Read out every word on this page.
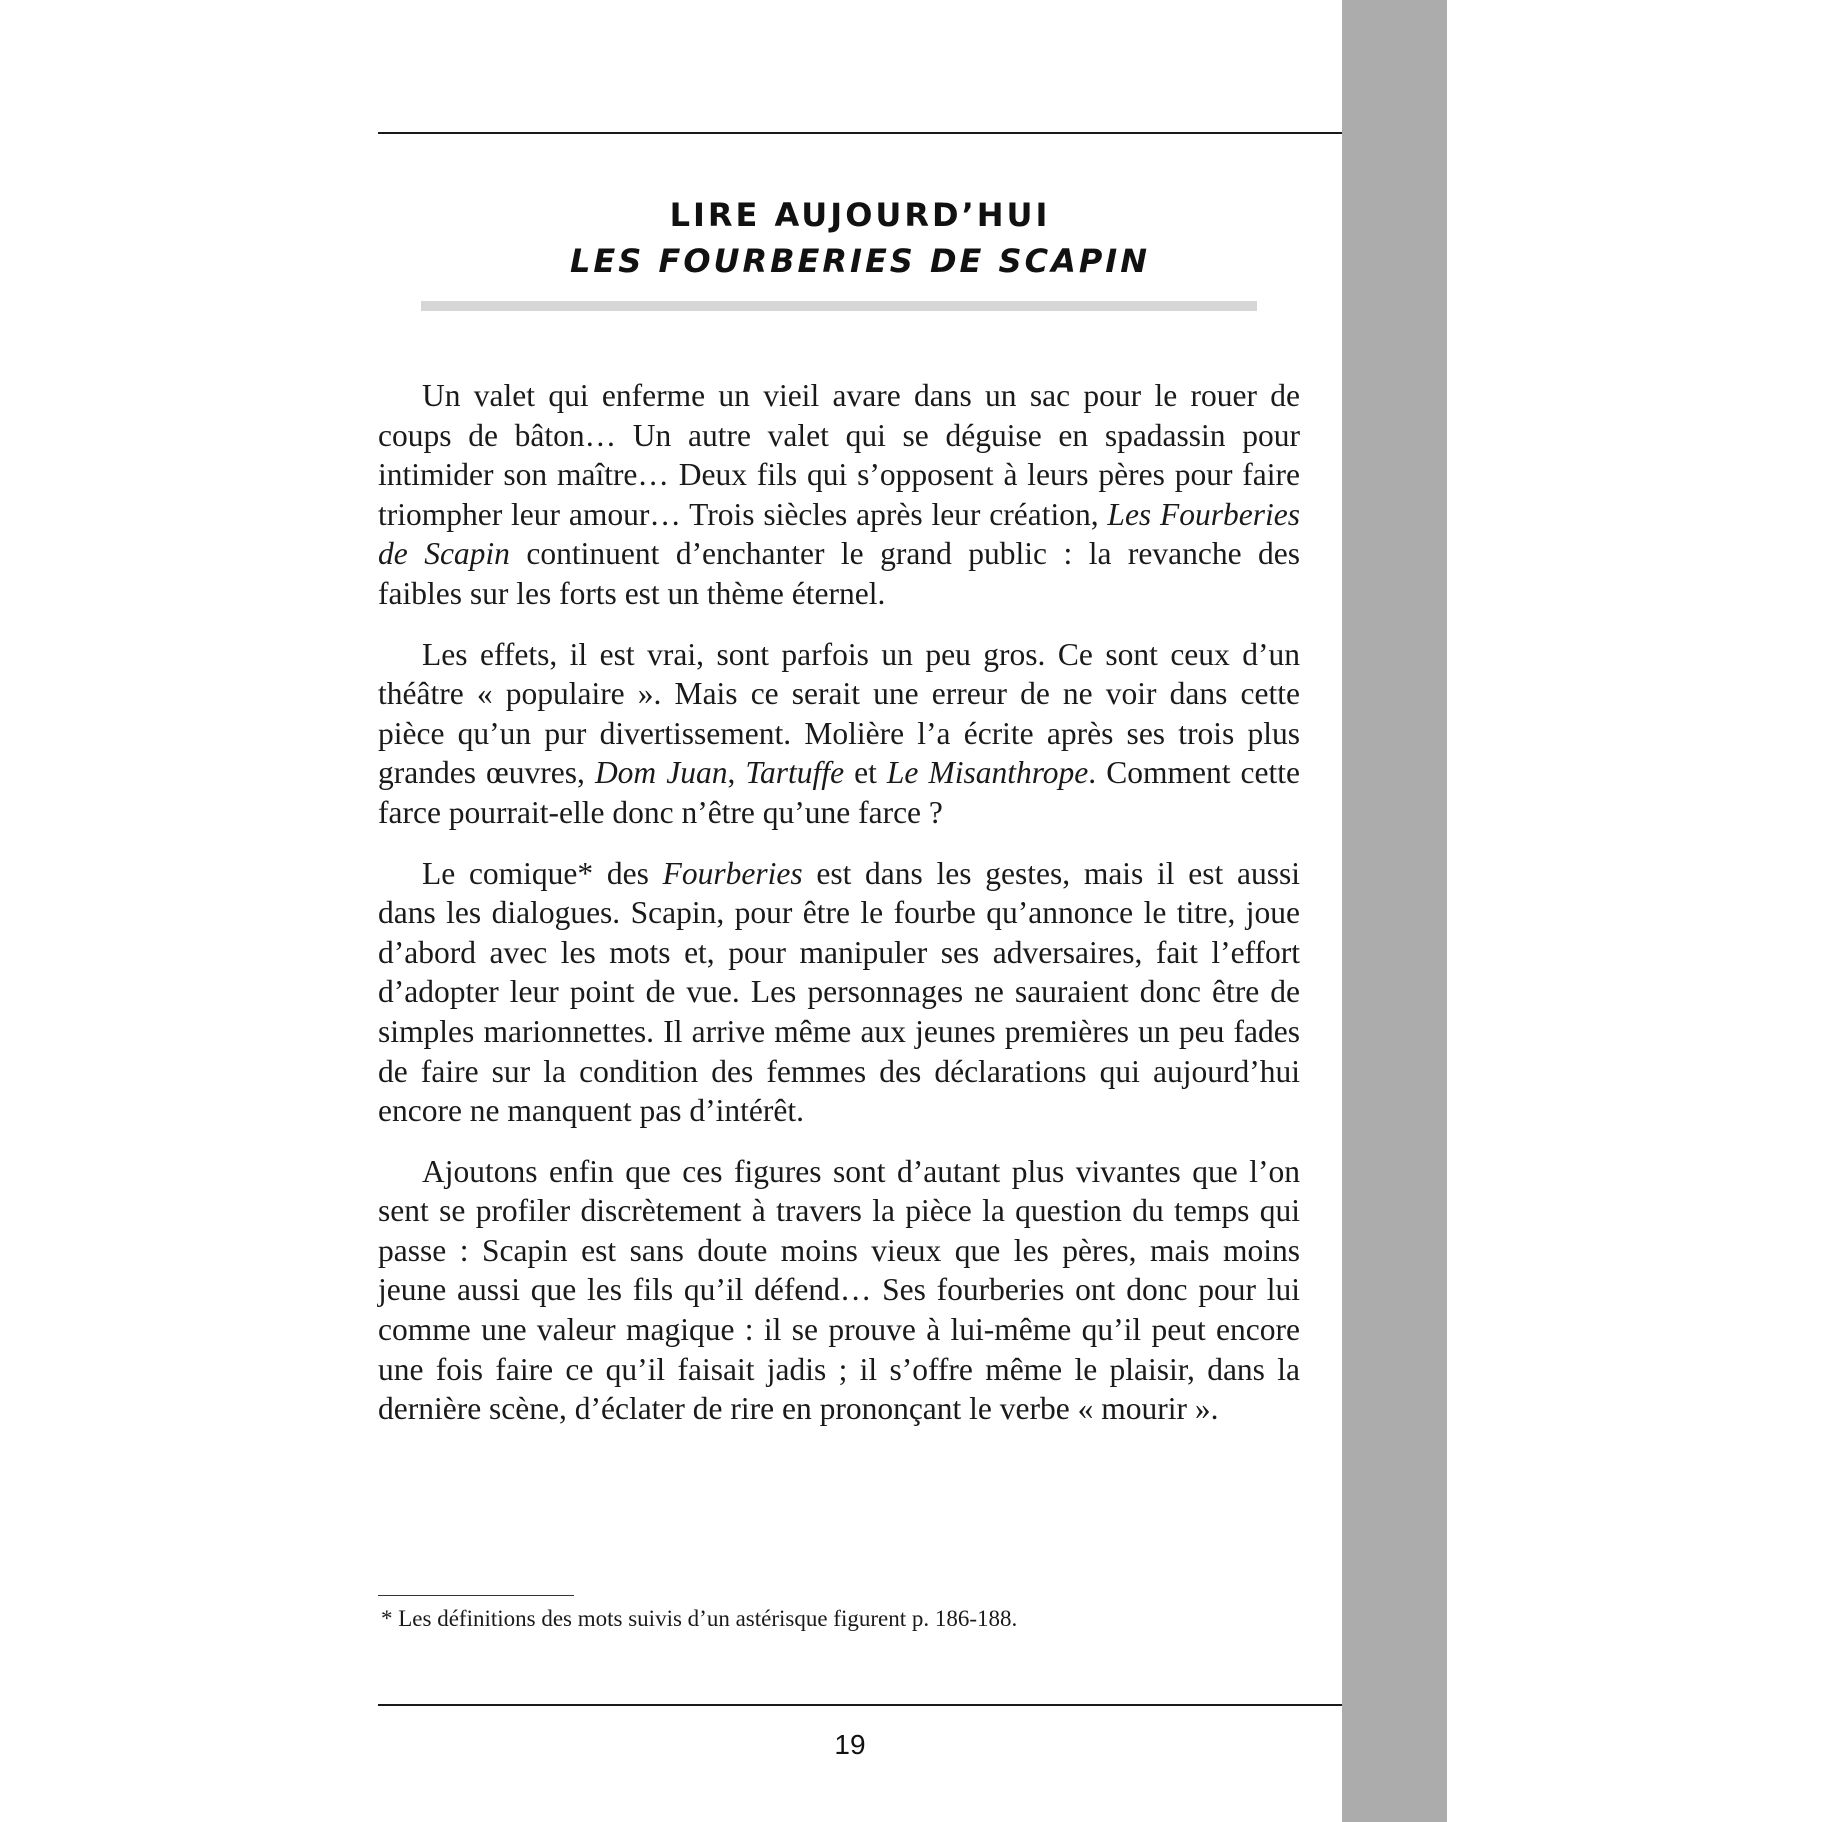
LIRE AUJOURD’HUI
LES FOURBERIES DE SCAPIN

Un valet qui enferme un vieil avare dans un sac pour le rouer de coups de bâton… Un autre valet qui se déguise en spadassin pour intimider son maître… Deux fils qui s’opposent à leurs pères pour faire triompher leur amour… Trois siècles après leur création, Les Fourberies de Scapin continuent d’enchanter le grand public : la revanche des faibles sur les forts est un thème éternel.

Les effets, il est vrai, sont parfois un peu gros. Ce sont ceux d’un théâtre « populaire ». Mais ce serait une erreur de ne voir dans cette pièce qu’un pur divertissement. Molière l’a écrite après ses trois plus grandes œuvres, Dom Juan, Tartuffe et Le Misanthrope. Comment cette farce pourrait-elle donc n’être qu’une farce ?

Le comique* des Fourberies est dans les gestes, mais il est aussi dans les dialogues. Scapin, pour être le fourbe qu’annonce le titre, joue d’abord avec les mots et, pour manipuler ses adversaires, fait l’effort d’adopter leur point de vue. Les personnages ne sauraient donc être de simples marionnettes. Il arrive même aux jeunes premières un peu fades de faire sur la condition des femmes des déclarations qui aujourd’hui encore ne manquent pas d’intérêt.

Ajoutons enfin que ces figures sont d’autant plus vivantes que l’on sent se profiler discrètement à travers la pièce la question du temps qui passe : Scapin est sans doute moins vieux que les pères, mais moins jeune aussi que les fils qu’il défend… Ses fourberies ont donc pour lui comme une valeur magique : il se prouve à lui-même qu’il peut encore une fois faire ce qu’il faisait jadis ; il s’offre même le plaisir, dans la dernière scène, d’éclater de rire en prononçant le verbe « mourir ».

* Les définitions des mots suivis d’un astérisque figurent p. 186-188.
19
